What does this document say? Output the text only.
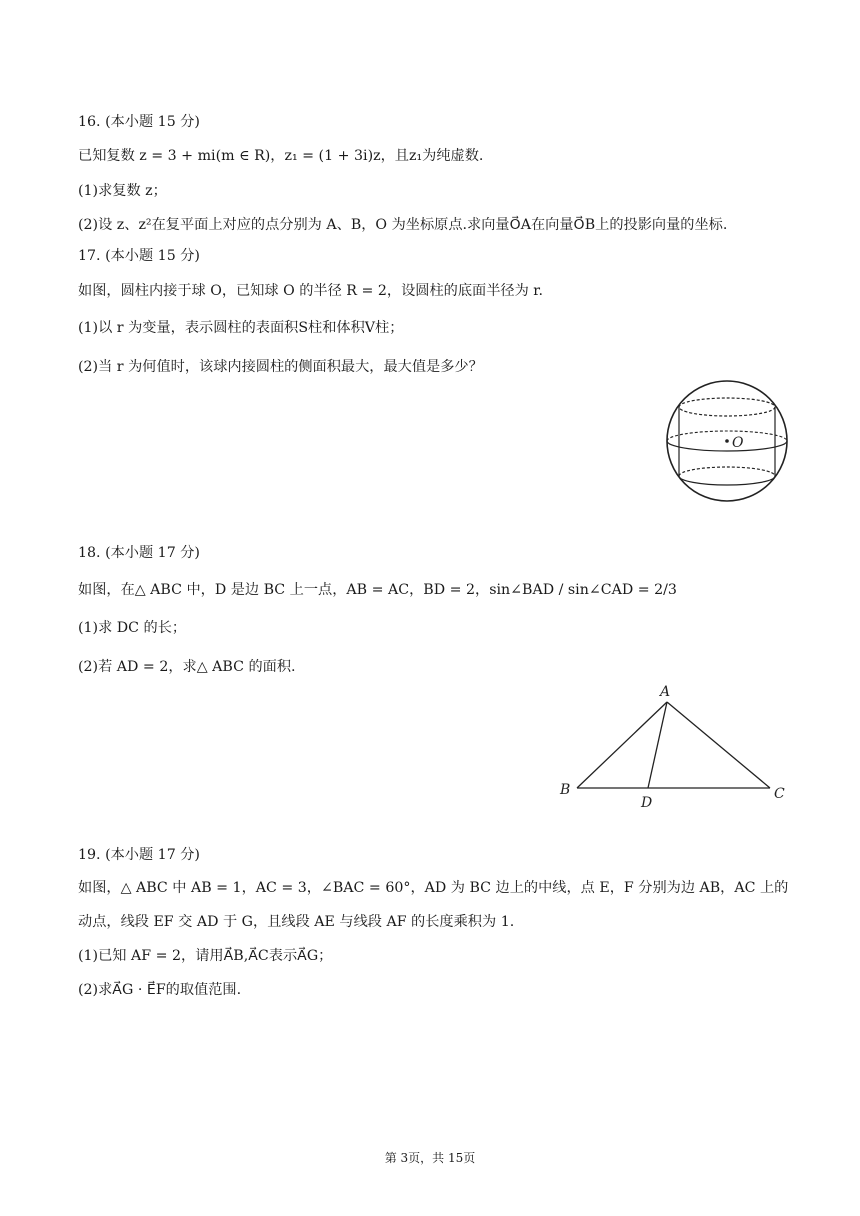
16. (本小题 15 分)
已知复数 z = 3 + mi(m ∈ R)，z₁ = (1 + 3i)z，且z₁为纯虚数.
(1)求复数 z；
(2)设 z、z²在复平面上对应的点分别为 A、B，O 为坐标原点.求向量O⃗A在向量O⃗B上的投影向量的坐标.
17. (本小题 15 分)
如图，圆柱内接于球 O，已知球 O 的半径 R = 2，设圆柱的底面半径为 r.
(1)以 r 为变量，表示圆柱的表面积S柱和体积V柱；
(2)当 r 为何值时，该球内接圆柱的侧面积最大，最大值是多少？
O
18. (本小题 17 分)
如图，在△ ABC 中，D 是边 BC 上一点，AB = AC，BD = 2，sin∠BAD / sin∠CAD = 2/3
(1)求 DC 的长；
(2)若 AD = 2，求△ ABC 的面积.
A
B
D
C
19. (本小题 17 分)
如图，△ ABC 中 AB = 1，AC = 3，∠BAC = 60°，AD 为 BC 边上的中线，点 E，F 分别为边 AB，AC 上的
动点，线段 EF 交 AD 于 G，且线段 AE 与线段 AF 的长度乘积为 1.
(1)已知 AF = 2，请用A⃗B,A⃗C表示A⃗G；
(2)求A⃗G · E⃗F的取值范围.
第 3页，共 15页
